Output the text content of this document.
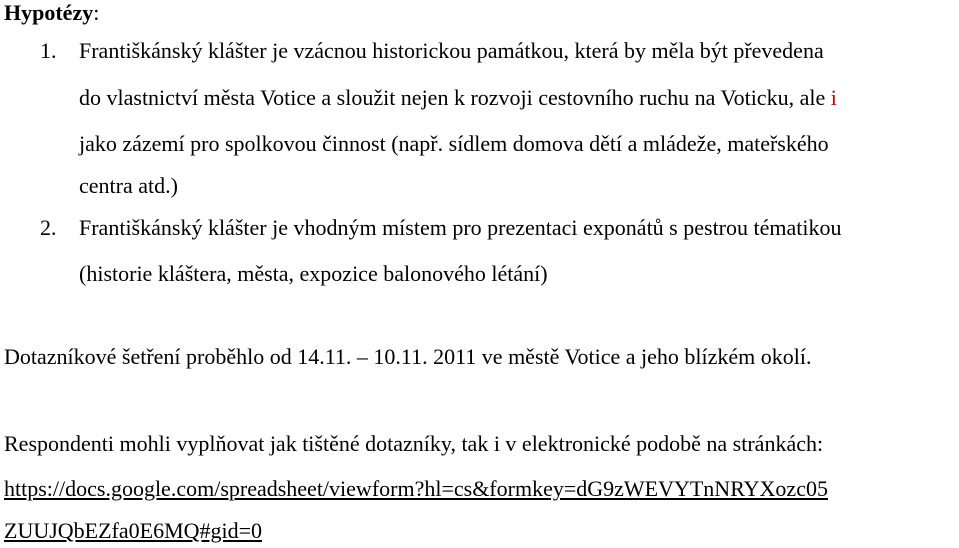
Hypotézy:
1. Františkánský klášter je vzácnou historickou památkou, která by měla být převedena
do vlastnictví města Votice a sloužit nejen k rozvoji cestovního ruchu na Voticku, ale i
jako zázemí pro spolkovou činnost (např. sídlem domova dětí a mládeže, mateřského
centra atd.)
2. Františkánský klášter je vhodným místem pro prezentaci exponátů s pestrou tématikou
(historie kláštera, města, expozice balonového létání)
Dotazníkové šetření proběhlo od 14.11. – 10.11. 2011 ve městě Votice a jeho blízkém okolí.
Respondenti mohli vyplňovat jak tištěné dotazníky, tak i v elektronické podobě na stránkách:
https://docs.google.com/spreadsheet/viewform?hl=cs&formkey=dG9zWEVYTnNRYXozc05
ZUUJQbEZfa0E6MQ#gid=0
